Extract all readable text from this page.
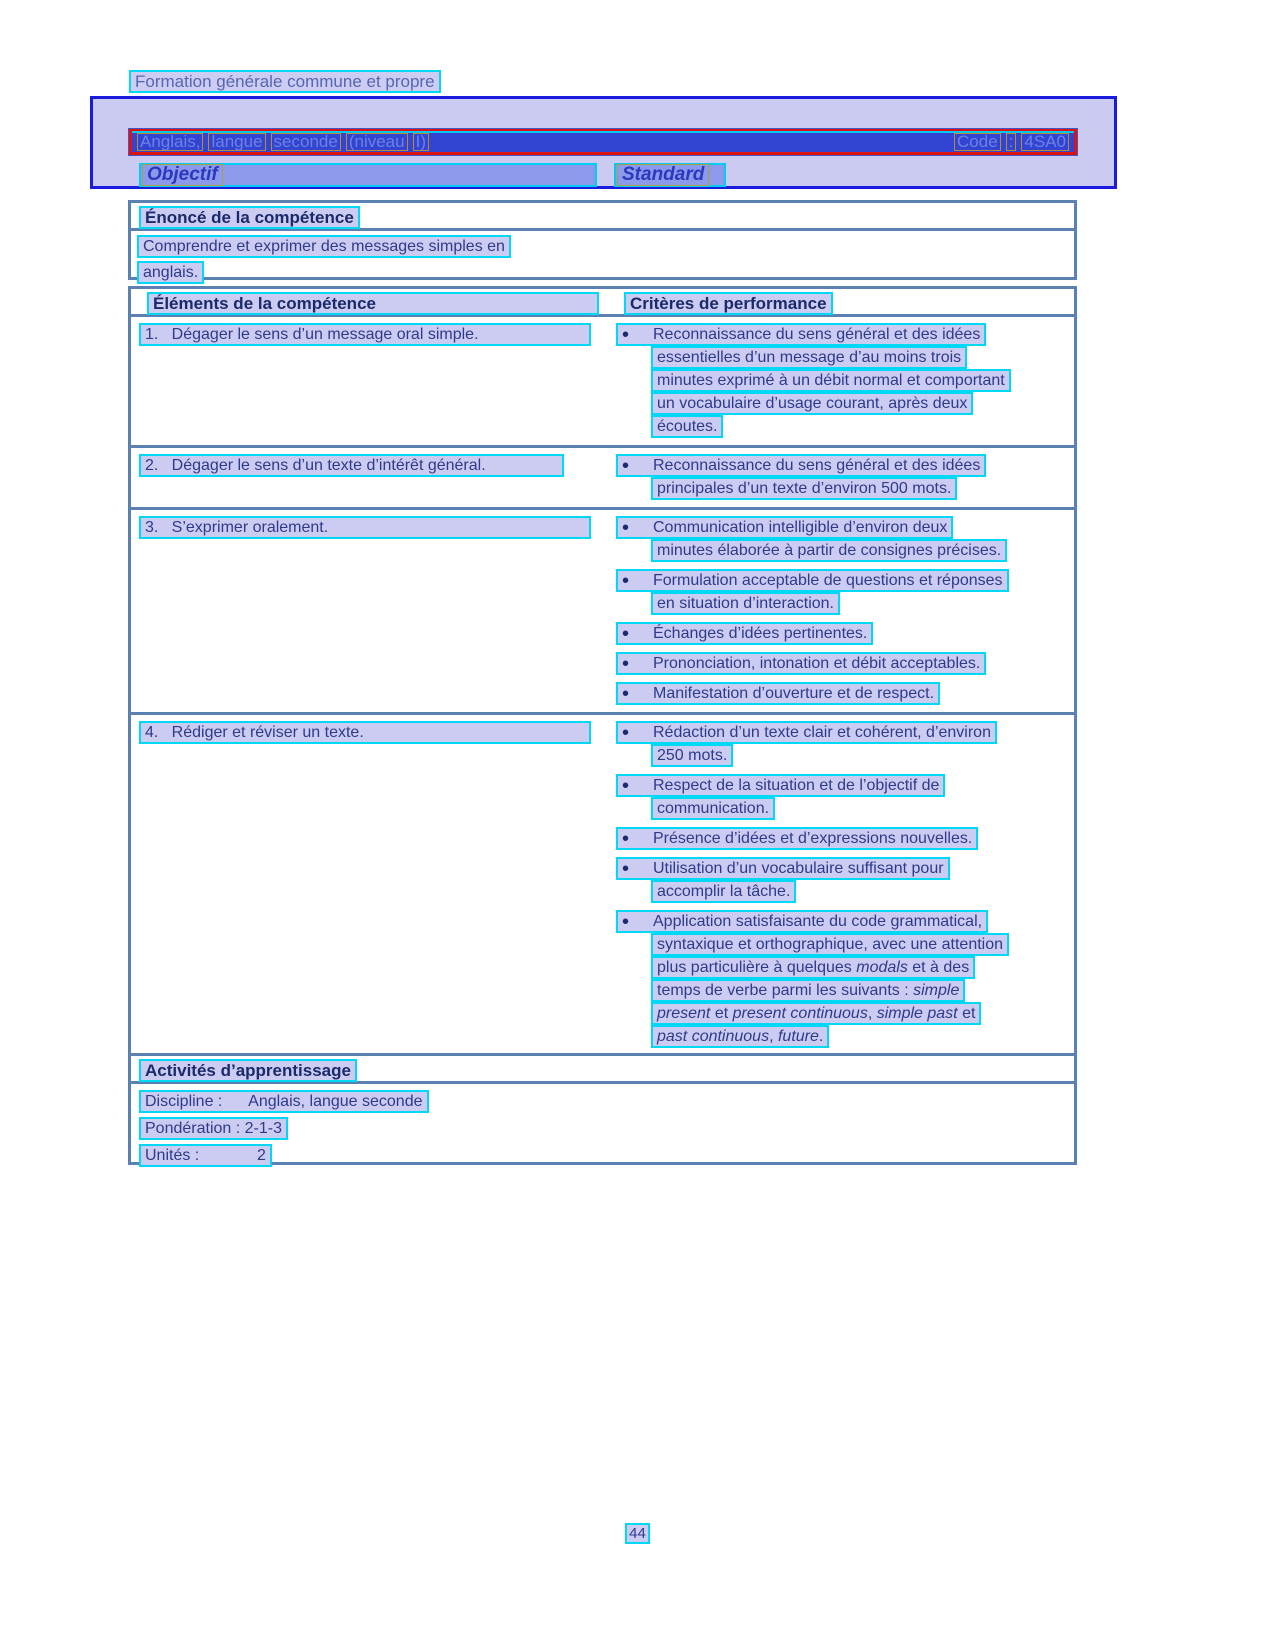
Anglais, langue seconde (niveau I)	Code : 4SA0
Objectif	Standard
Formation générale commune et propre
Énoncé de la compétence
Comprendre et exprimer des messages simples en
anglais.
Éléments de la compétence	Critères de performance
1.   Dégager le sens d’un message oral simple.	•	Reconnaissance du sens général et des idées
essentielles d’un message d’au moins trois
minutes exprimé à un débit normal et comportant
un vocabulaire d’usage courant, après deux
écoutes.
2.   Dégager le sens d’un texte d’intérêt général.	•	Reconnaissance du sens général et des idées
principales d’un texte d’environ 500 mots.
3.   S’exprimer oralement.	•	Communication intelligible d’environ deux
minutes élaborée à partir de consignes précises.
•	Formulation acceptable de questions et réponses
en situation d’interaction.
•	Échanges d’idées pertinentes.
•	Prononciation, intonation et débit acceptables.
•	Manifestation d’ouverture et de respect.
4.   Rédiger et réviser un texte.	•	Rédaction d’un texte clair et cohérent, d’environ
250 mots.
•	Respect de la situation et de l’objectif de
communication.
•	Présence d’idées et d’expressions nouvelles.
•	Utilisation d’un vocabulaire suffisant pour
accomplir la tâche.
•	Application satisfaisante du code grammatical,
syntaxique et orthographique, avec une attention
plus particulière à quelques modals et à des
temps de verbe parmi les suivants : simple
present et present continuous, simple past et
past continuous, future.
Activités d’apprentissage
Discipline :      Anglais, langue seconde
Pondération : 2-1-3
Unités :             2
44
